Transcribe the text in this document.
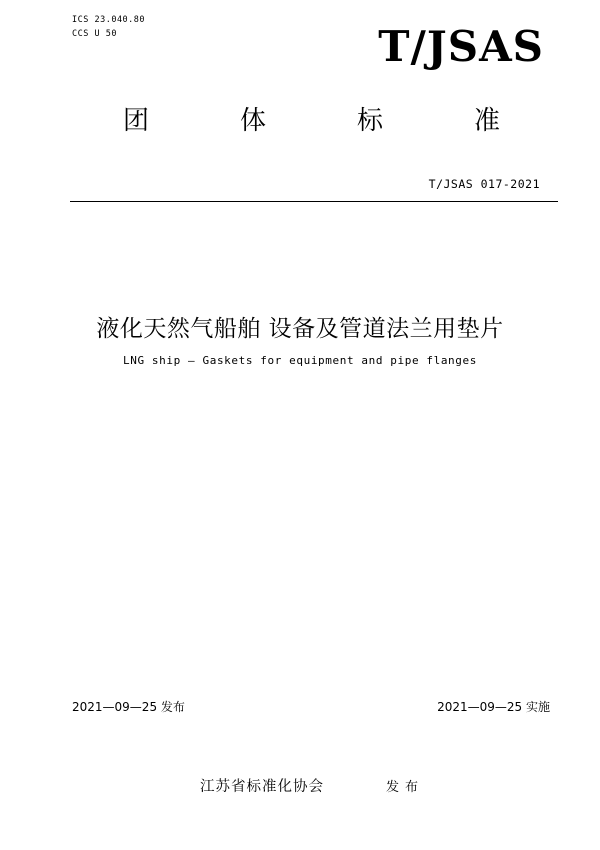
ICS 23.040.80
CCS U 50	T/JSAS
团	体	标	准
T/JSAS 017-2021
液化天然气船舶 设备及管道法兰用垫片
LNG ship — Gaskets for equipment and pipe flanges
2021—09—25 发布	2021—09—25 实施
江苏省标准化协会	发布
